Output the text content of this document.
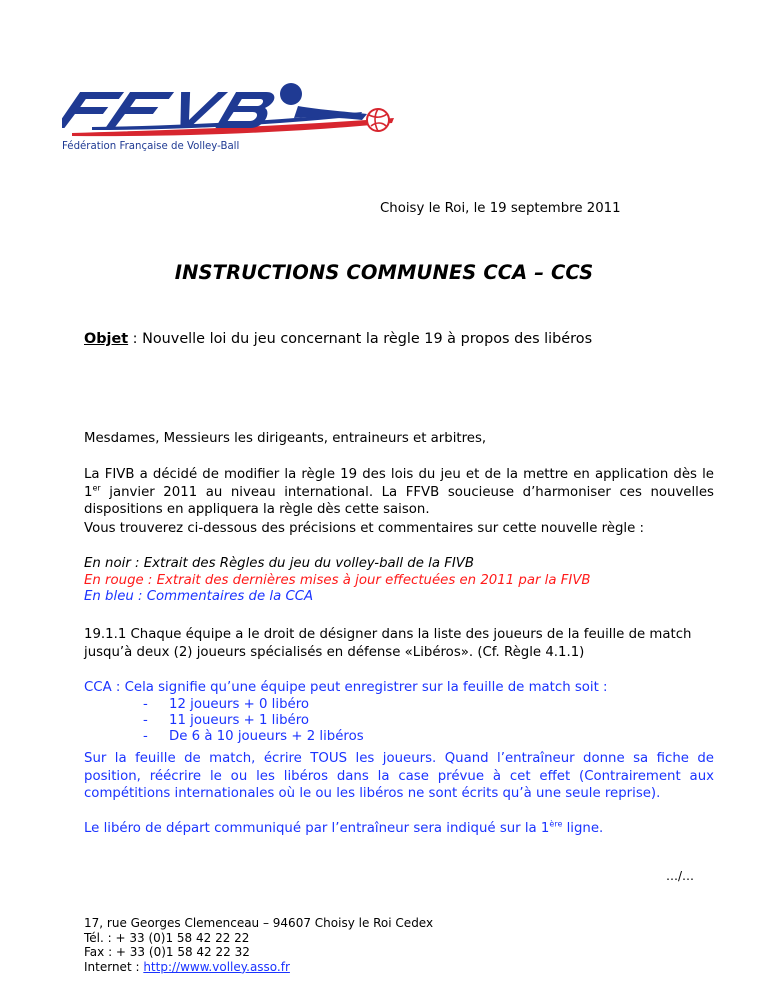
Fédération Française de Volley-Ball
Choisy le Roi, le 19 septembre 2011
INSTRUCTIONS COMMUNES CCA – CCS
Objet : Nouvelle loi du jeu concernant la règle 19 à propos des libéros
Mesdames, Messieurs les dirigeants, entraineurs et arbitres,
La FIVB a décidé de modifier la règle 19 des lois du jeu et de la mettre en application dès le 1er janvier 2011 au niveau international. La FFVB soucieuse d’harmoniser ces nouvelles dispositions en appliquera la règle dès cette saison.
Vous trouverez ci-dessous des précisions et commentaires sur cette nouvelle règle :
En noir : Extrait des Règles du jeu du volley-ball de la FIVB
En rouge : Extrait des dernières mises à jour effectuées en 2011 par la FIVB
En bleu : Commentaires de la CCA
19.1.1 Chaque équipe a le droit de désigner dans la liste des joueurs de la feuille de match jusqu’à deux (2) joueurs spécialisés en défense «Libéros». (Cf. Règle 4.1.1)
CCA : Cela signifie qu’une équipe peut enregistrer sur la feuille de match soit :
- 12 joueurs + 0 libéro
- 11 joueurs + 1 libéro
- De 6 à 10 joueurs + 2 libéros
Sur la feuille de match, écrire TOUS les joueurs. Quand l’entraîneur donne sa fiche de position, réécrire le ou les libéros dans la case prévue à cet effet (Contrairement aux compétitions internationales où le ou les libéros ne sont écrits qu’à une seule reprise).
Le libéro de départ communiqué par l’entraîneur sera indiqué sur la 1ère ligne.
…/…
17, rue Georges Clemenceau – 94607 Choisy le Roi Cedex
Tél. : + 33 (0)1 58 42 22 22
Fax : + 33 (0)1 58 42 22 32
Internet : http://www.volley.asso.fr
